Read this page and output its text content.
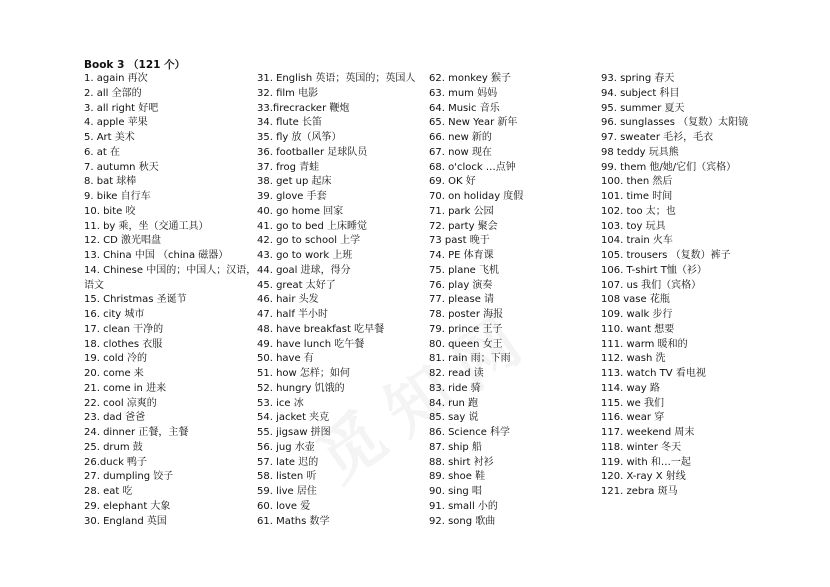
Book 3 （121 个）
1. again 再次
2. all 全部的
3. all right 好吧
4. apple 苹果
5. Art 美术
6. at 在
7. autumn 秋天
8. bat 球棒
9. bike 自行车
10. bite 咬
11. by 乘，坐（交通工具）
12. CD 激光唱盘
13. China 中国 （china 磁器）
14. Chinese 中国的；中国人；汉语，
语文
15. Christmas 圣诞节
16. city 城市
17. clean 干净的
18. clothes 衣服
19. cold 冷的
20. come 来
21. come in 进来
22. cool 凉爽的
23. dad 爸爸
24. dinner 正餐，主餐
25. drum 鼓
26.duck 鸭子
27. dumpling 饺子
28. eat 吃
29. elephant 大象
30. England 英国
31. English 英语；英国的；英国人
32. film 电影
33.firecracker 鞭炮
34. flute 长笛
35. fly 放（风筝）
36. footballer 足球队员
37. frog 青蛙
38. get up 起床
39. glove 手套
40. go home 回家
41. go to bed 上床睡觉
42. go to school 上学
43. go to work 上班
44. goal 进球，得分
45. great 太好了
46. hair 头发
47. half 半小时
48. have breakfast 吃早餐
49. have lunch 吃午餐
50. have 有
51. how 怎样；如何
52. hungry 饥饿的
53. ice 冰
54. jacket 夹克
55. jigsaw 拼图
56. jug 水壶
57. late 迟的
58. listen 听
59. live 居住
60. love 爱
61. Maths 数学
62. monkey 猴子
63. mum 妈妈
64. Music 音乐
65. New Year 新年
66. new 新的
67. now 现在
68. o'clock …点钟
69. OK 好
70. on holiday 度假
71. park 公园
72. party 聚会
73 past 晚于
74. PE 体育课
75. plane 飞机
76. play 演奏
77. please 请
78. poster 海报
79. prince 王子
80. queen 女王
81. rain 雨；下雨
82. read 读
83. ride 骑
84. run 跑
85. say 说
86. Science 科学
87. ship 船
88. shirt 衬衫
89. shoe 鞋
90. sing 唱
91. small 小的
92. song 歌曲
93. spring 春天
94. subject 科目
95. summer 夏天
96. sunglasses （复数）太阳镜
97. sweater 毛衫，毛衣
98 teddy 玩具熊
99. them 他/她/它们（宾格）
100. then 然后
101. time 时间
102. too 太；也
103. toy 玩具
104. train 火车
105. trousers （复数）裤子
106. T-shirt T恤（衫）
107. us 我们（宾格）
108 vase 花瓶
109. walk 步行
110. want 想要
111. warm 暖和的
112. wash 洗
113. watch TV 看电视
114. way 路
115. we 我们
116. wear 穿
117. weekend 周末
118. winter 冬天
119. with 和…一起
120. X-ray X 射线
121. zebra 斑马
